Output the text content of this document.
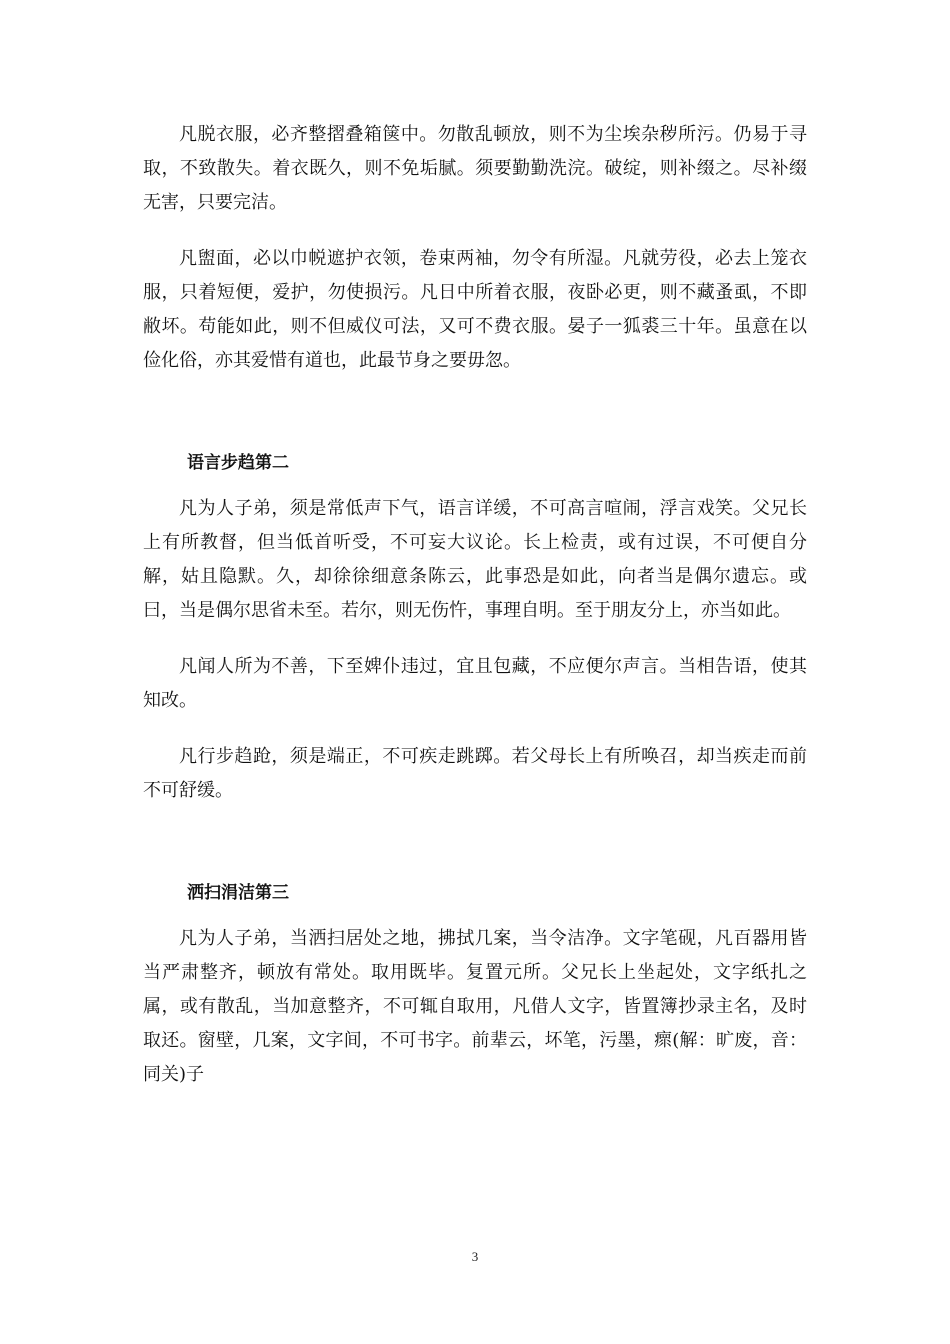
凡脱衣服，必齐整摺叠箱箧中。勿散乱顿放，则不为尘埃杂秽所污。仍易于寻取，不致散失。着衣既久，则不免垢腻。须要勤勤洗浣。破绽，则补缀之。尽补缀无害，只要完洁。

凡盥面，必以巾帨遮护衣领，卷束两袖，勿令有所湿。凡就劳役，必去上笼衣服，只着短便，爱护，勿使损污。凡日中所着衣服，夜卧必更，则不藏蚤虱，不即敝坏。苟能如此，则不但威仪可法，又可不费衣服。晏子一狐裘三十年。虽意在以俭化俗，亦其爱惜有道也，此最节身之要毋忽。

语言步趋第二

凡为人子弟，须是常低声下气，语言详缓，不可高言喧闹，浮言戏笑。父兄长上有所教督，但当低首听受，不可妄大议论。长上检责，或有过误，不可便自分解，姑且隐默。久，却徐徐细意条陈云，此事恐是如此，向者当是偶尔遗忘。或曰，当是偶尔思省未至。若尔，则无伤忤，事理自明。至于朋友分上，亦当如此。

凡闻人所为不善，下至婢仆违过，宜且包藏，不应便尔声言。当相告语，使其知改。

凡行步趋跄，须是端正，不可疾走跳踯。若父母长上有所唤召，却当疾走而前不可舒缓。

洒扫涓洁第三

凡为人子弟，当洒扫居处之地，拂拭几案，当令洁净。文字笔砚，凡百器用皆当严肃整齐，顿放有常处。取用既毕。复置元所。父兄长上坐起处，文字纸扎之属，或有散乱，当加意整齐，不可辄自取用，凡借人文字，皆置簿抄录主名，及时取还。窗壁，几案，文字间，不可书字。前辈云，坏笔，污墨，瘝(解：旷废，音：同关)子

3
